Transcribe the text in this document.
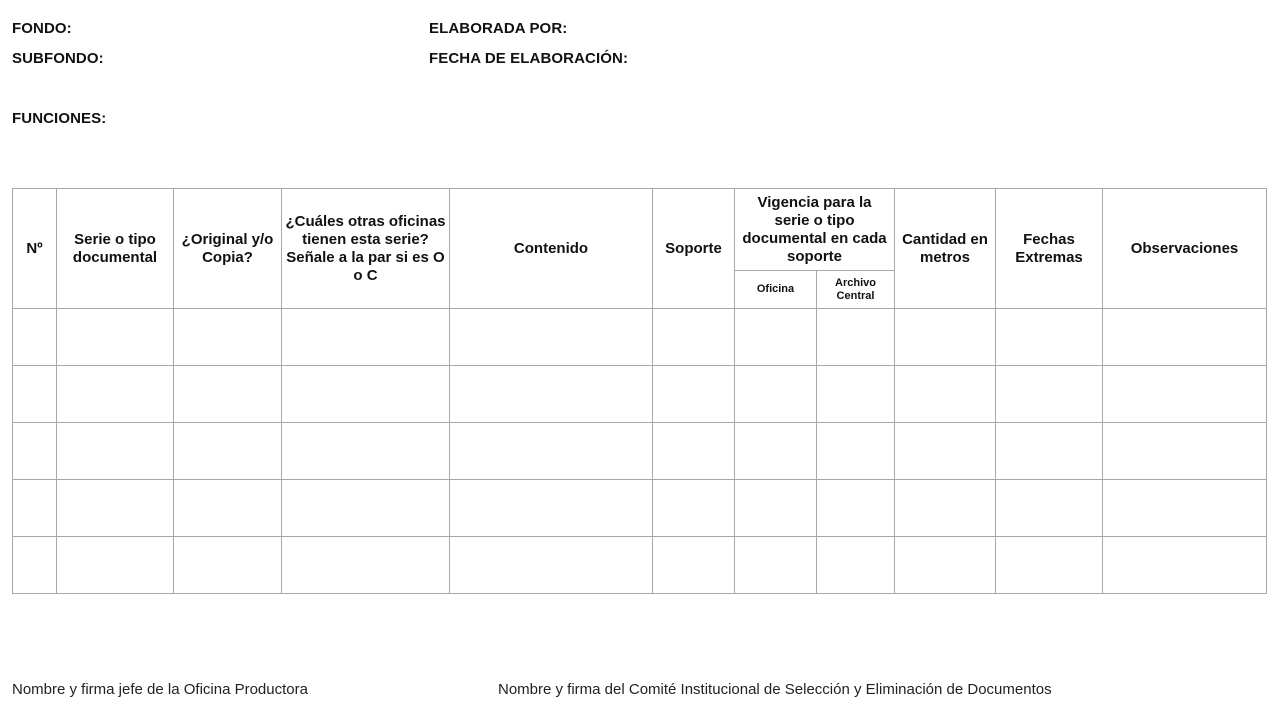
FONDO:
SUBFONDO:
FUNCIONES:
ELABORADA POR:
FECHA DE ELABORACIÓN:
Nº	Serie o tipo documental	¿Original y/o Copia?	¿Cuáles otras oficinas tienen esta serie? Señale a la par si es O o C	Contenido	Soporte	Vigencia para la serie o tipo documental en cada soporte		Cantidad en metros	Fechas Extremas	Observaciones
						Oficina	Archivo Central			

Nombre y firma jefe de la Oficina Productora	Nombre y firma del Comité Institucional de Selección y Eliminación de Documentos
